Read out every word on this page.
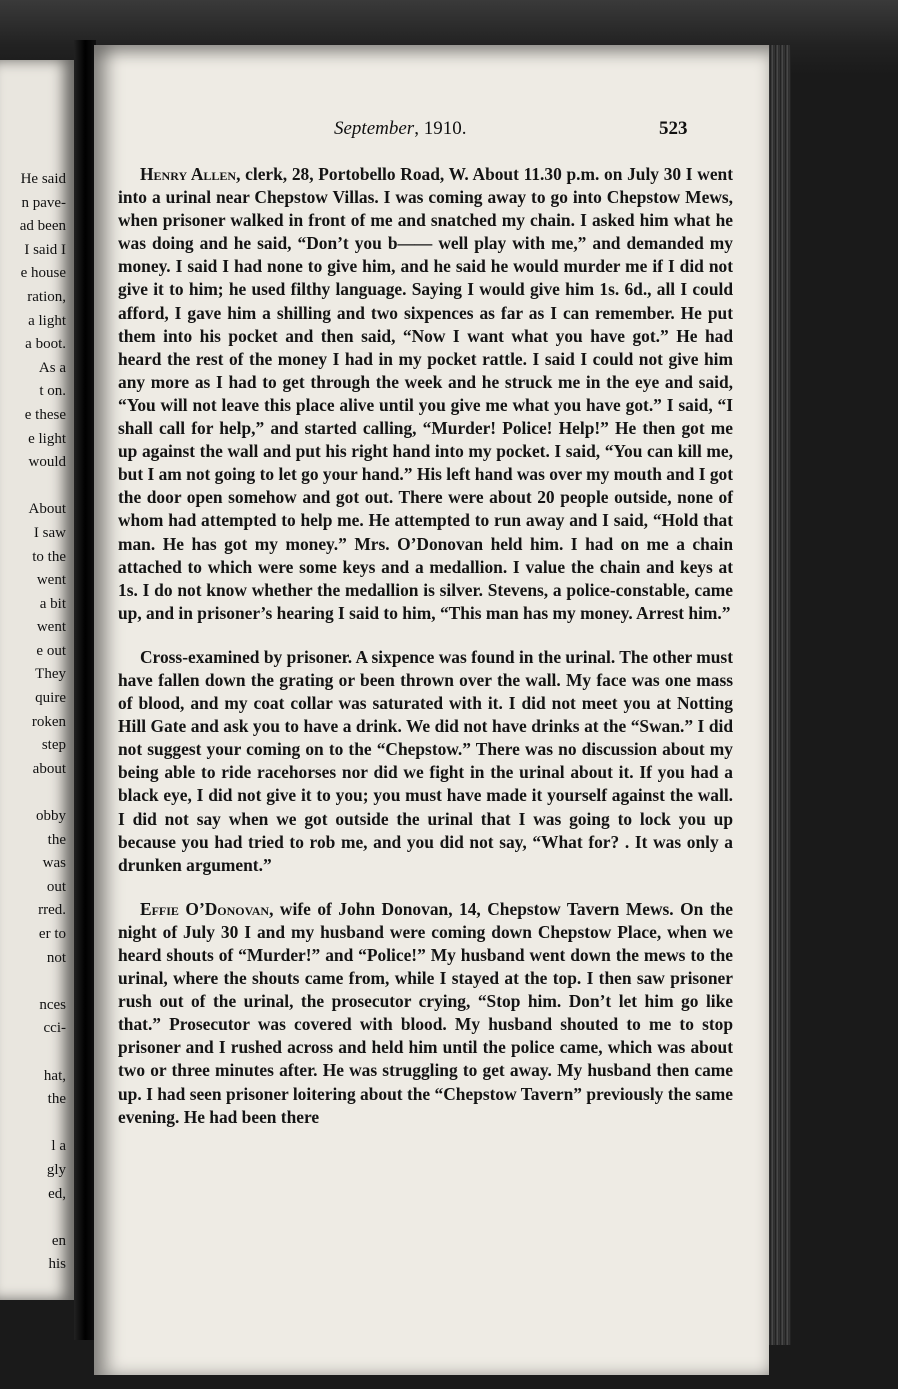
He said
n pave-
ad been
I said I
e house
ration,
a light
a boot.
As a
t on.
e these
e light
would

About
I saw
to the
went
a bit
went
e out
They
quire
roken
step
about

obby
the
was
out
rred.
er to
not

nces
cci-

hat,
the

l a
gly
ed,

en
his
September, 1910.	523

Henry Allen, clerk, 28, Portobello Road, W. About 11.30 p.m. on July 30 I went into a urinal near Chepstow Villas. I was coming away to go into Chepstow Mews, when prisoner walked in front of me and snatched my chain. I asked him what he was doing and he said, “Don’t you b—— well play with me,” and demanded my money. I said I had none to give him, and he said he would murder me if I did not give it to him; he used filthy language. Saying I would give him 1s. 6d., all I could afford, I gave him a shilling and two sixpences as far as I can remember. He put them into his pocket and then said, “Now I want what you have got.” He had heard the rest of the money I had in my pocket rattle. I said I could not give him any more as I had to get through the week and he struck me in the eye and said, “You will not leave this place alive until you give me what you have got.” I said, “I shall call for help,” and started calling, “Murder! Police! Help!” He then got me up against the wall and put his right hand into my pocket. I said, “You can kill me, but I am not going to let go your hand.” His left hand was over my mouth and I got the door open somehow and got out. There were about 20 people outside, none of whom had attempted to help me. He attempted to run away and I said, “Hold that man. He has got my money.” Mrs. O’Donovan held him. I had on me a chain attached to which were some keys and a medallion. I value the chain and keys at 1s. I do not know whether the medallion is silver. Stevens, a police-constable, came up, and in prisoner’s hearing I said to him, “This man has my money. Arrest him.”

Cross-examined by prisoner. A sixpence was found in the urinal. The other must have fallen down the grating or been thrown over the wall. My face was one mass of blood, and my coat collar was saturated with it. I did not meet you at Notting Hill Gate and ask you to have a drink. We did not have drinks at the “Swan.” I did not suggest your coming on to the “Chepstow.” There was no discussion about my being able to ride racehorses nor did we fight in the urinal about it. If you had a black eye, I did not give it to you; you must have made it yourself against the wall. I did not say when we got outside the urinal that I was going to lock you up because you had tried to rob me, and you did not say, “What for? . It was only a drunken argument.”

Effie O’Donovan, wife of John Donovan, 14, Chepstow Tavern Mews. On the night of July 30 I and my husband were coming down Chepstow Place, when we heard shouts of “Murder!” and “Police!” My husband went down the mews to the urinal, where the shouts came from, while I stayed at the top. I then saw prisoner rush out of the urinal, the prosecutor crying, “Stop him. Don’t let him go like that.” Prosecutor was covered with blood. My husband shouted to me to stop prisoner and I rushed across and held him until the police came, which was about two or three minutes after. He was struggling to get away. My husband then came up. I had seen prisoner loitering about the “Chepstow Tavern” previously the same evening. He had been there
